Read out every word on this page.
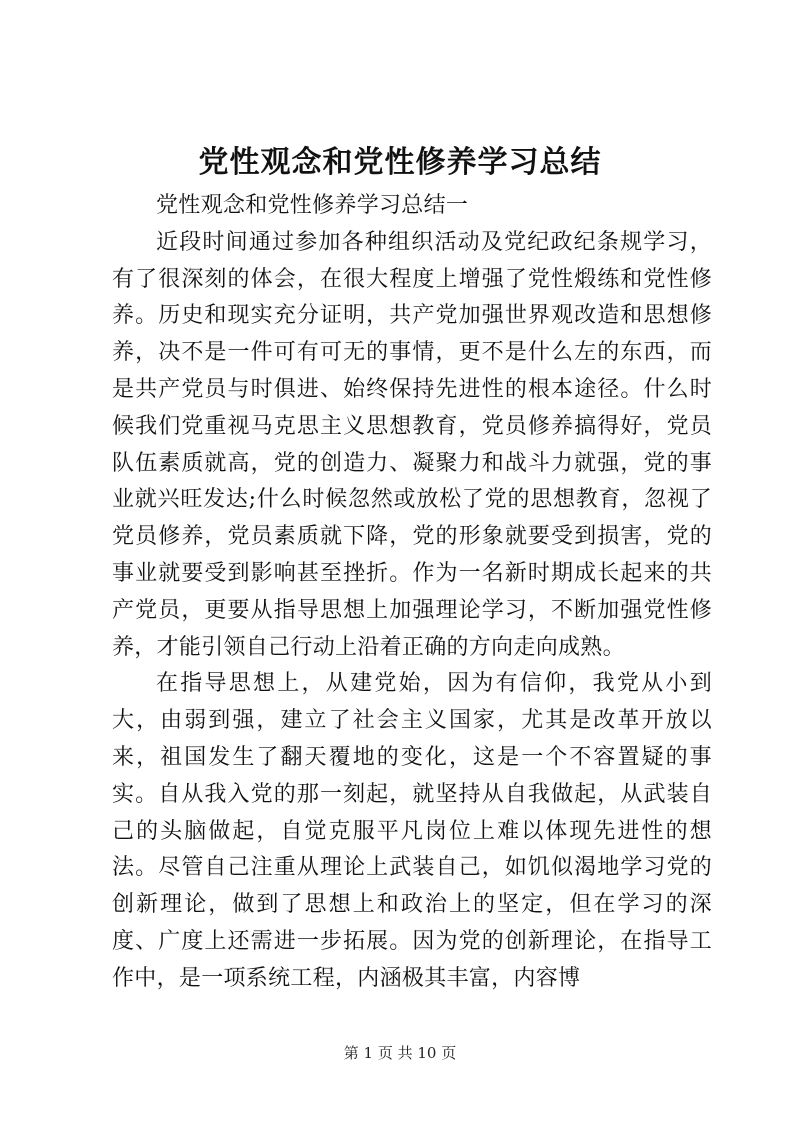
党性观念和党性修养学习总结

党性观念和党性修养学习总结一

近段时间通过参加各种组织活动及党纪政纪条规学习，有了很深刻的体会，在很大程度上增强了党性煅练和党性修养。历史和现实充分证明，共产党加强世界观改造和思想修养，决不是一件可有可无的事情，更不是什么左的东西，而是共产党员与时俱进、始终保持先进性的根本途径。什么时候我们党重视马克思主义思想教育，党员修养搞得好，党员队伍素质就高，党的创造力、凝聚力和战斗力就强，党的事业就兴旺发达;什么时候忽然或放松了党的思想教育，忽视了党员修养，党员素质就下降，党的形象就要受到损害，党的事业就要受到影响甚至挫折。作为一名新时期成长起来的共产党员，更要从指导思想上加强理论学习，不断加强党性修养，才能引领自己行动上沿着正确的方向走向成熟。

在指导思想上，从建党始，因为有信仰，我党从小到大，由弱到强，建立了社会主义国家，尤其是改革开放以来，祖国发生了翻天覆地的变化，这是一个不容置疑的事实。自从我入党的那一刻起，就坚持从自我做起，从武装自己的头脑做起，自觉克服平凡岗位上难以体现先进性的想法。尽管自己注重从理论上武装自己，如饥似渴地学习党的创新理论，做到了思想上和政治上的坚定，但在学习的深度、广度上还需进一步拓展。因为党的创新理论，在指导工作中，是一项系统工程，内涵极其丰富，内容博

第 1 页 共 10 页
